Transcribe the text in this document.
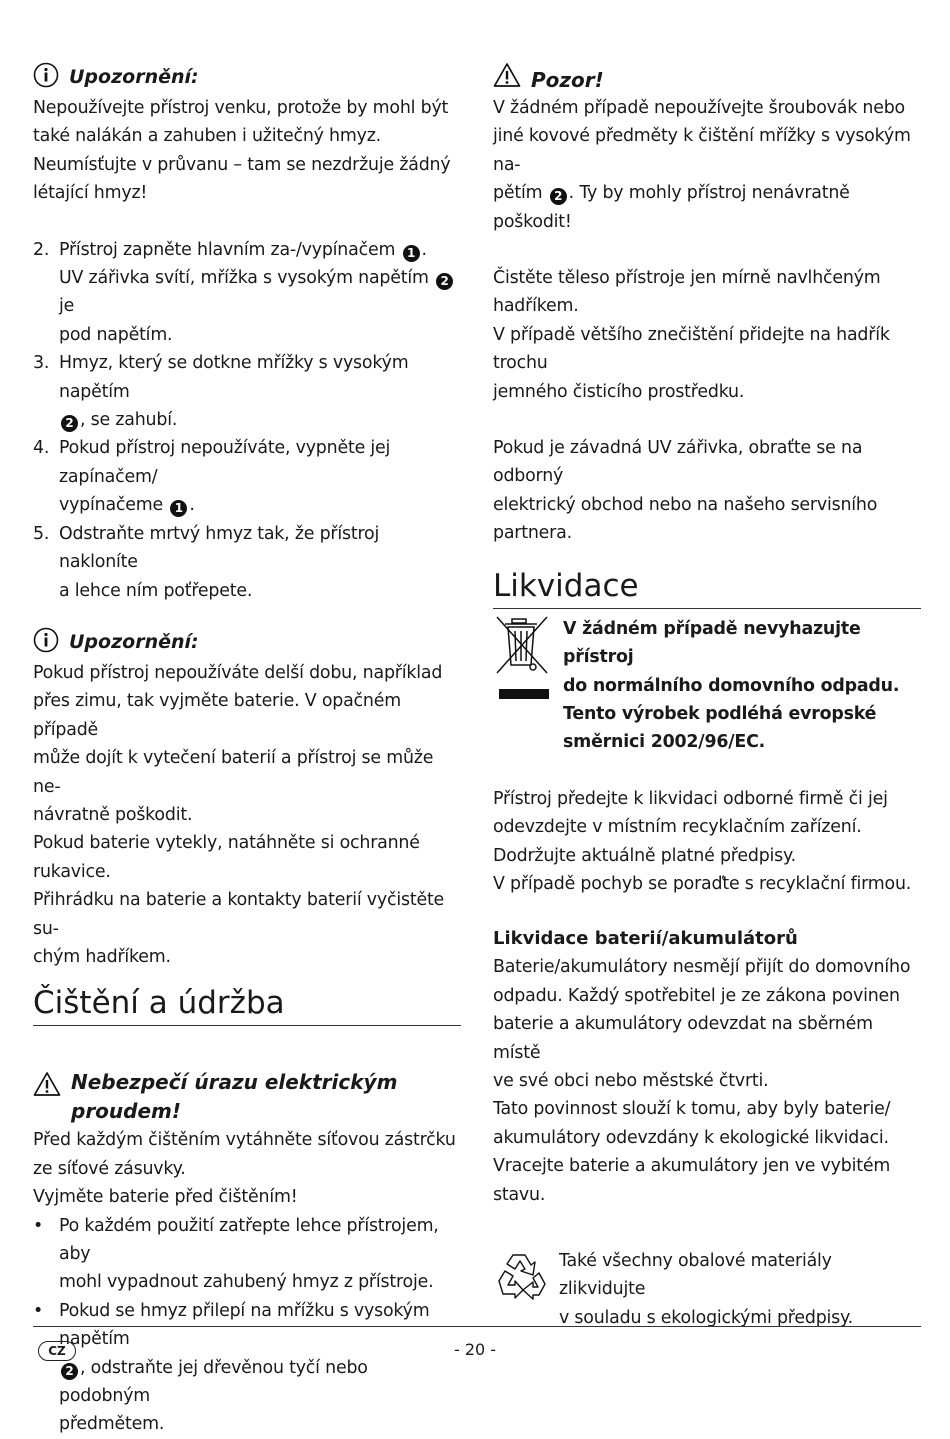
Upozornění:

Nepoužívejte přístroj venku, protože by mohl být
také nalákán a zahuben i užitečný hmyz.
Neumísťujte v průvanu – tam se nezdržuje žádný
létající hmyz!

2. Přístroj zapněte hlavním za-/vypínačem 1 .
UV zářivka svítí, mřížka s vysokým napětím 2 je
pod napětím.
3. Hmyz, který se dotkne mřížky s vysokým napětím
2 , se zahubí.
4. Pokud přístroj nepoužíváte, vypněte jej zapínačem/
vypínačeme 1 .
5. Odstraňte mrtvý hmyz tak, že přístroj nakloníte
a lehce ním poťřepete.
Upozornění:

Pokud přístroj nepoužíváte delší dobu, například
přes zimu, tak vyjměte baterie. V opačném případě
může dojít k vytečení baterií a přístroj se může ne-
návratně poškodit.
Pokud baterie vytekly, natáhněte si ochranné rukavice.
Přihrádku na baterie a kontakty baterií vyčistěte su-
chým hadříkem.

Čištění a údržba
Nebezpečí úrazu elektrickým
proudem!

Před každým čištěním vytáhněte síťovou zástrčku
ze síťové zásuvky.
Vyjměte baterie před čištěním!

• Po každém použití zatřepte lehce přístrojem, aby
mohl vypadnout zahubený hmyz z přístroje.
• Pokud se hmyz přilepí na mřížku s vysokým napětím
2 , odstraňte jej dřevěnou tyčí nebo podobným
předmětem.
Pozor!

V žádném případě nepoužívejte šroubovák nebo
jiné kovové předměty k čištění mřížky s vysokým na-
pětím 2 . Ty by mohly přístroj nenávratně poškodit!

Čistěte těleso přístroje jen mírně navlhčeným hadříkem.
V případě většího znečištění přidejte na hadřík trochu
jemného čisticího prostředku.

Pokud je závadná UV zářivka, obraťte se na odborný
elektrický obchod nebo na našeho servisního partnera.

Likvidace

V žádném případě nevyhazujte přístroj
do normálního domovního odpadu.
Tento výrobek podléhá evropské
směrnici 2002/96/EC.

Přístroj předejte k likvidaci odborné firmě či jej
odevzdejte v místním recyklačním zařízení.
Dodržujte aktuálně platné předpisy.
V případě pochyb se poraďte s recyklační firmou.

Likvidace baterií/akumulátorů

Baterie/akumulátory nesmějí přijít do domovního
odpadu. Každý spotřebitel je ze zákona povinen
baterie a akumulátory odevzdat na sběrném místě
ve své obci nebo městské čtvrti.
Tato povinnost slouží k tomu, aby byly baterie/
akumulátory odevzdány k ekologické likvidaci.
Vracejte baterie a akumulátory jen ve vybitém stavu.

Také všechny obalové materiály zlikvidujte
v souladu s ekologickými předpisy.

CZ	- 20 -
